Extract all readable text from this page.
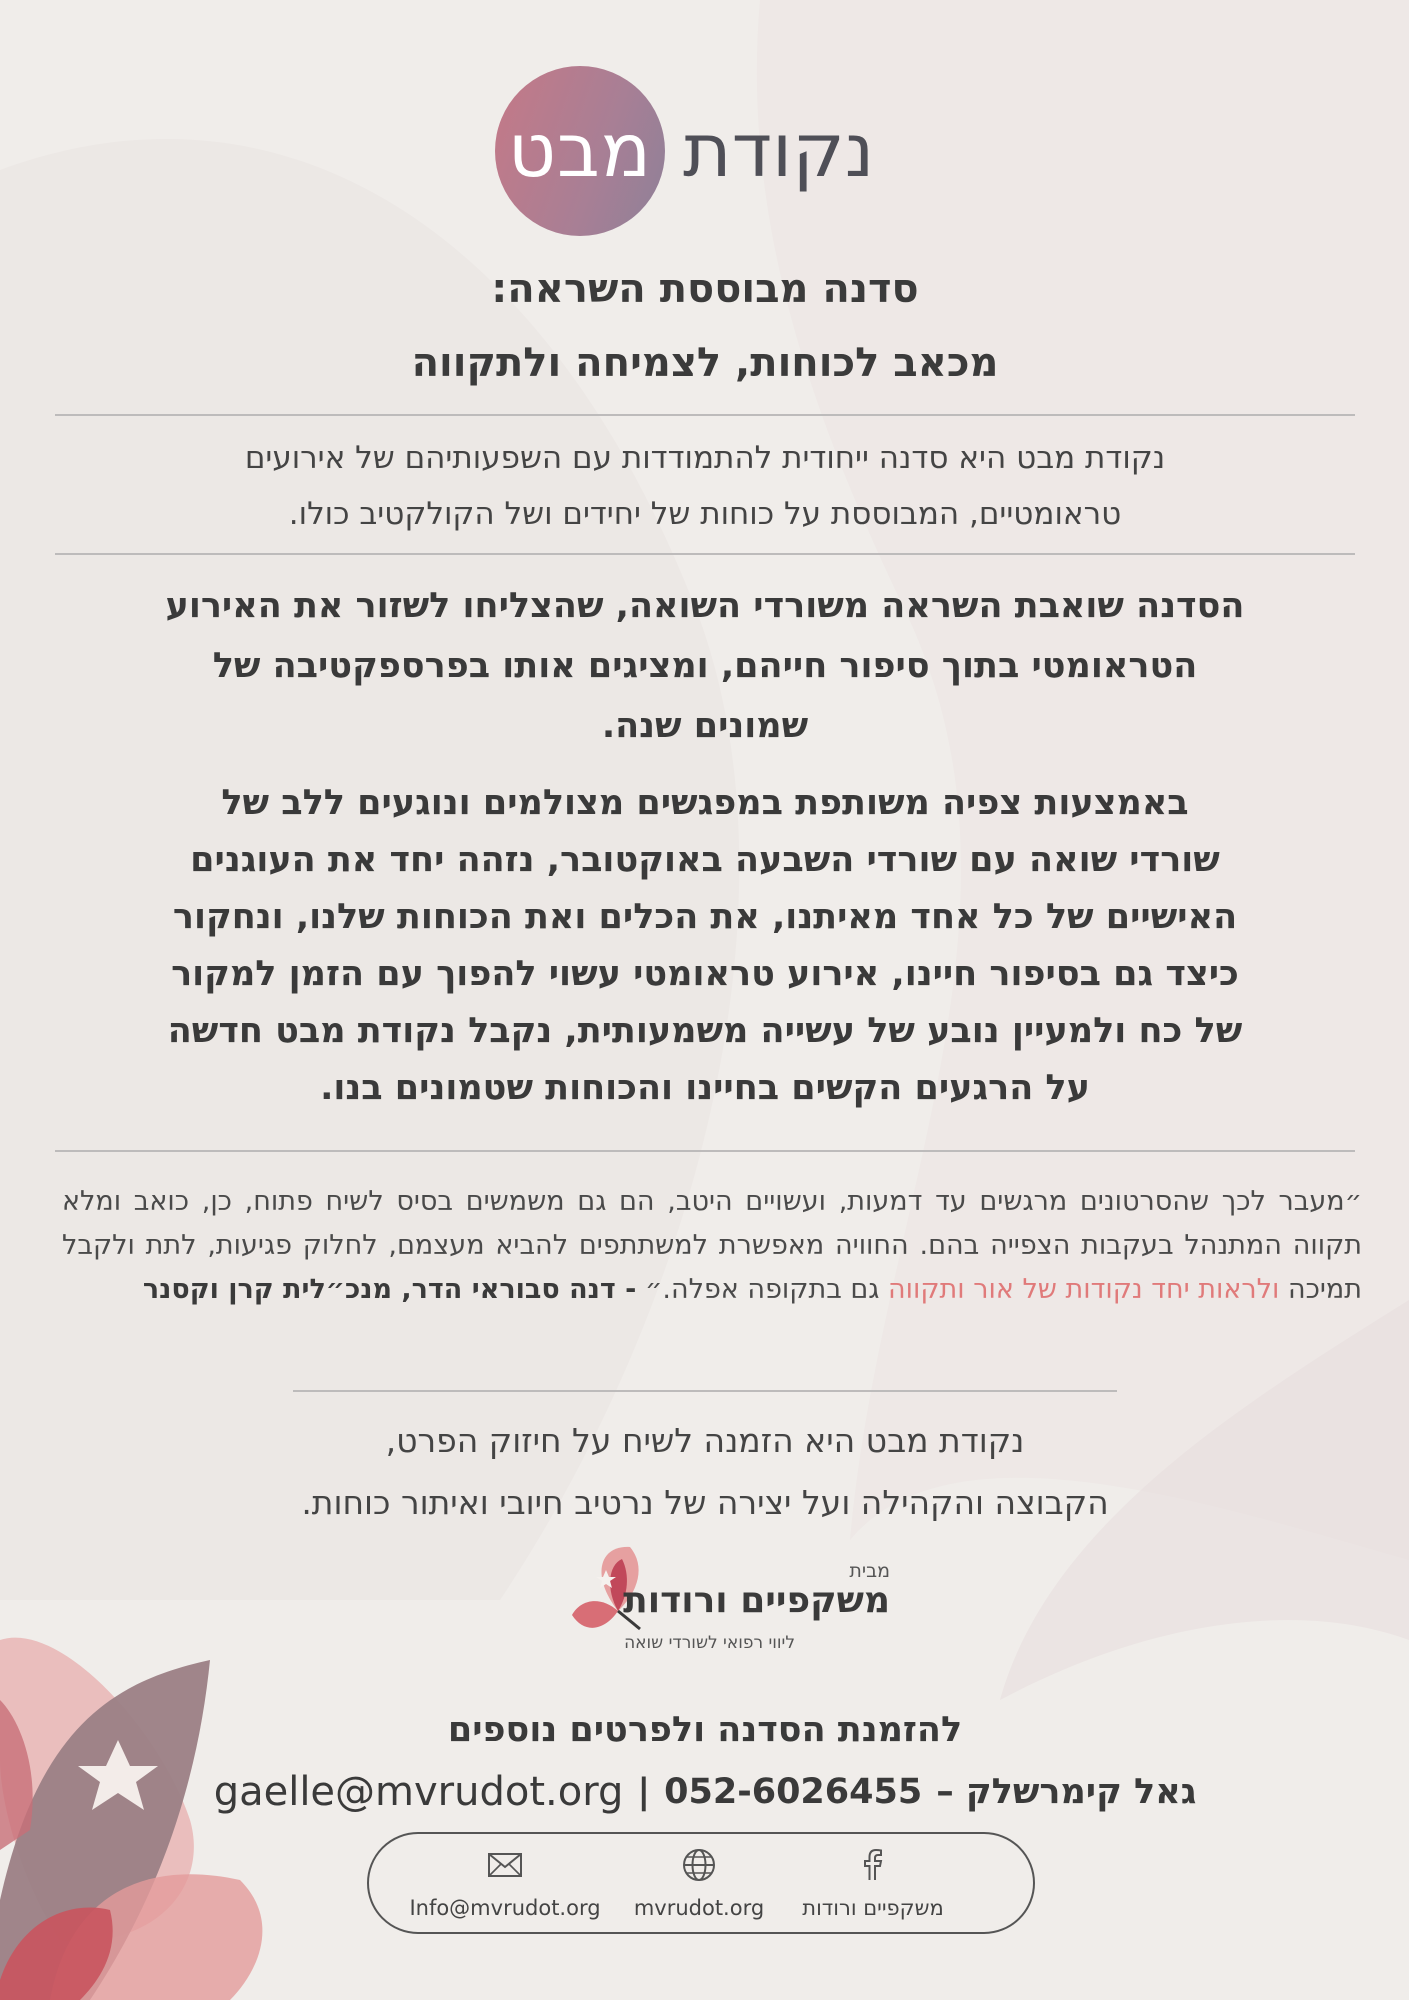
מבט נקודת
סדנה מבוססת השראה:
מכאב לכוחות, לצמיחה ולתקווה
נקודת מבט היא סדנה ייחודית להתמודדות עם השפעותיהם של אירועים
טראומטיים, המבוססת על כוחות של יחידים ושל הקולקטיב כולו.
הסדנה שואבת השראה משורדי השואה, שהצליחו לשזור את האירוע
הטראומטי בתוך סיפור חייהם, ומציגים אותו בפרספקטיבה של
שמונים שנה.
באמצעות צפיה משותפת במפגשים מצולמים ונוגעים ללב של
שורדי שואה עם שורדי השבעה באוקטובר, נזהה יחד את העוגנים
האישיים של כל אחד מאיתנו, את הכלים ואת הכוחות שלנו, ונחקור
כיצד גם בסיפור חיינו, אירוע טראומטי עשוי להפוך עם הזמן למקור
של כח ולמעיין נובע של עשייה משמעותית, נקבל נקודת מבט חדשה
על הרגעים הקשים בחיינו והכוחות שטמונים בנו.
״מעבר לכך שהסרטונים מרגשים עד דמעות, ועשויים היטב, הם גם משמשים בסיס לשיח פתוח, כן, כואב ומלא תקווה המתנהל בעקבות הצפייה בהם. החוויה מאפשרת למשתתפים להביא מעצמם, לחלוק פגיעות, לתת ולקבל תמיכה ולראות יחד נקודות של אור ותקווה גם בתקופה אפלה.״ - דנה סבוראי הדר, מנכ״לית קרן וקסנר
נקודת מבט היא הזמנה לשיח על חיזוק הפרט,
הקבוצה והקהילה ועל יצירה של נרטיב חיובי ואיתור כוחות.
מבית
משקפיים ורודות
ליווי רפואי לשורדי שואה
להזמנת הסדנה ולפרטים נוספים
גאל קימרשלק –
052-6026455
|
gaelle@mvrudot.org
משקפיים ורודות
mvrudot.org
Info@mvrudot.org
